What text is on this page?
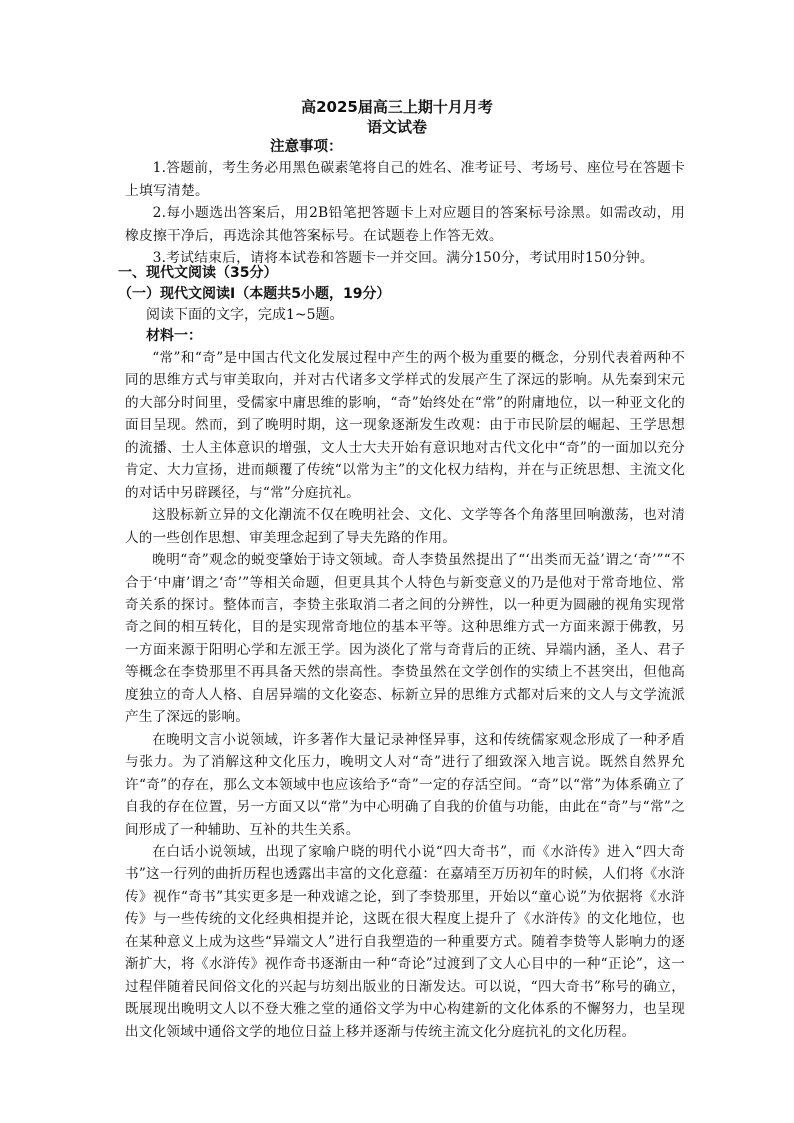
高2025届高三上期十月月考
语文试卷
注意事项：

1.答题前，考生务必用黑色碳素笔将自己的姓名、准考证号、考场号、座位号在答题卡上填写清楚。

2.每小题选出答案后，用2B铅笔把答题卡上对应题目的答案标号涂黑。如需改动，用橡皮擦干净后，再选涂其他答案标号。在试题卷上作答无效。

3.考试结束后，请将本试卷和答题卡一并交回。满分150分，考试用时150分钟。

一、现代文阅读（35分）
（一）现代文阅读Ⅰ（本题共5小题，19分）
阅读下面的文字，完成1~5题。
材料一：

“常”和“奇”是中国古代文化发展过程中产生的两个极为重要的概念，分别代表着两种不同的思维方式与审美取向，并对古代诸多文学样式的发展产生了深远的影响。从先秦到宋元的大部分时间里，受儒家中庸思维的影响，“奇”始终处在“常”的附庸地位，以一种亚文化的面目呈现。然而，到了晚明时期，这一现象逐渐发生改观：由于市民阶层的崛起、王学思想的流播、士人主体意识的增强，文人士大夫开始有意识地对古代文化中“奇”的一面加以充分肯定、大力宣扬，进而颠覆了传统“以常为主”的文化权力结构，并在与正统思想、主流文化的对话中另辟蹊径，与“常”分庭抗礼。

这股标新立异的文化潮流不仅在晚明社会、文化、文学等各个角落里回响激荡，也对清人的一些创作思想、审美理念起到了导夫先路的作用。

晚明“奇”观念的蜕变肇始于诗文领域。奇人李贽虽然提出了“‘出类而无益’谓之‘奇’”“不合于‘中庸’谓之‘奇’”等相关命题，但更具其个人特色与新变意义的乃是他对于常奇地位、常奇关系的探讨。整体而言，李贽主张取消二者之间的分辨性，以一种更为圆融的视角实现常奇之间的相互转化，目的是实现常奇地位的基本平等。这种思维方式一方面来源于佛教，另一方面来源于阳明心学和左派王学。因为淡化了常与奇背后的正统、异端内涵，圣人、君子等概念在李贽那里不再具备天然的崇高性。李贽虽然在文学创作的实绩上不甚突出，但他高度独立的奇人人格、自居异端的文化姿态、标新立异的思维方式都对后来的文人与文学流派产生了深远的影响。

在晚明文言小说领域，许多著作大量记录神怪异事，这和传统儒家观念形成了一种矛盾与张力。为了消解这种文化压力，晚明文人对“奇”进行了细致深入地言说。既然自然界允许“奇”的存在，那么文本领域中也应该给予“奇”一定的存活空间。“奇”以“常”为体系确立了自我的存在位置，另一方面又以“常”为中心明确了自我的价值与功能，由此在“奇”与“常”之间形成了一种辅助、互补的共生关系。

在白话小说领域，出现了家喻户晓的明代小说“四大奇书”，而《水浒传》进入“四大奇书”这一行列的曲折历程也透露出丰富的文化意蕴：在嘉靖至万历初年的时候，人们将《水浒传》视作“奇书”其实更多是一种戏谑之论，到了李贽那里，开始以“童心说”为依据将《水浒传》与一些传统的文化经典相提并论，这既在很大程度上提升了《水浒传》的文化地位，也在某种意义上成为这些“异端文人”进行自我塑造的一种重要方式。随着李贽等人影响力的逐渐扩大，将《水浒传》视作奇书逐渐由一种“奇论”过渡到了文人心目中的一种“正论”，这一过程伴随着民间俗文化的兴起与坊刻出版业的日渐发达。可以说，“四大奇书”称号的确立，既展现出晚明文人以不登大雅之堂的通俗文学为中心构建新的文化体系的不懈努力，也呈现出文化领域中通俗文学的地位日益上移并逐渐与传统主流文化分庭抗礼的文化历程。
